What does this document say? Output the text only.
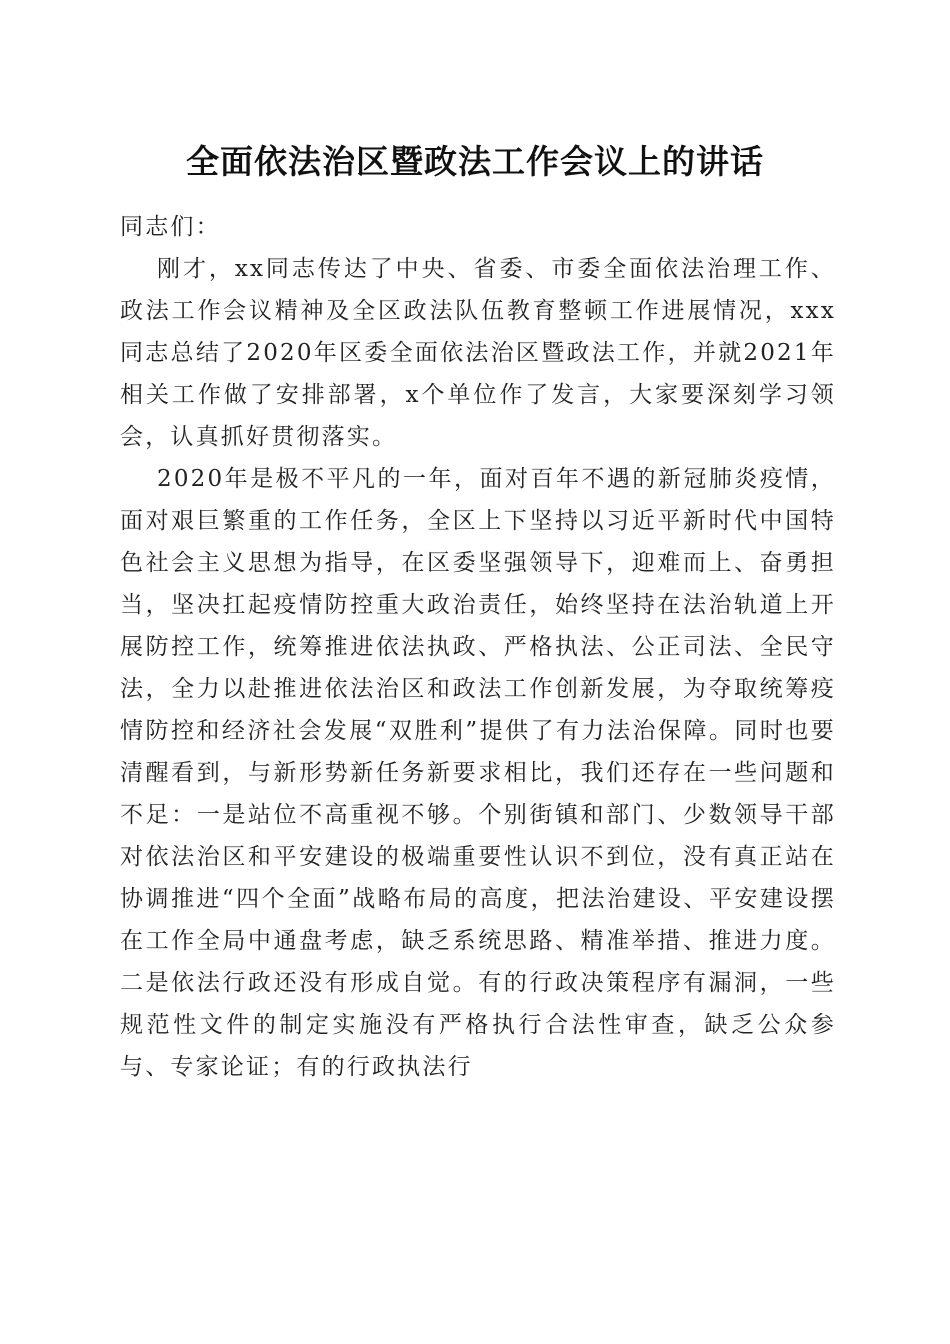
全面依法治区暨政法工作会议上的讲话

同志们：

刚才，xx同志传达了中央、省委、市委全面依法治理工作、政法工作会议精神及全区政法队伍教育整顿工作进展情况，xxx同志总结了2020年区委全面依法治区暨政法工作，并就2021年相关工作做了安排部署，x个单位作了发言，大家要深刻学习领会，认真抓好贯彻落实。

2020年是极不平凡的一年，面对百年不遇的新冠肺炎疫情，面对艰巨繁重的工作任务，全区上下坚持以习近平新时代中国特色社会主义思想为指导，在区委坚强领导下，迎难而上、奋勇担当，坚决扛起疫情防控重大政治责任，始终坚持在法治轨道上开展防控工作，统筹推进依法执政、严格执法、公正司法、全民守法，全力以赴推进依法治区和政法工作创新发展，为夺取统筹疫情防控和经济社会发展“双胜利”提供了有力法治保障。同时也要清醒看到，与新形势新任务新要求相比，我们还存在一些问题和不足：一是站位不高重视不够。个别街镇和部门、少数领导干部对依法治区和平安建设的极端重要性认识不到位，没有真正站在协调推进“四个全面”战略布局的高度，把法治建设、平安建设摆在工作全局中通盘考虑，缺乏系统思路、精准举措、推进力度。二是依法行政还没有形成自觉。有的行政决策程序有漏洞，一些规范性文件的制定实施没有严格执行合法性审查，缺乏公众参与、专家论证；有的行政执法行
